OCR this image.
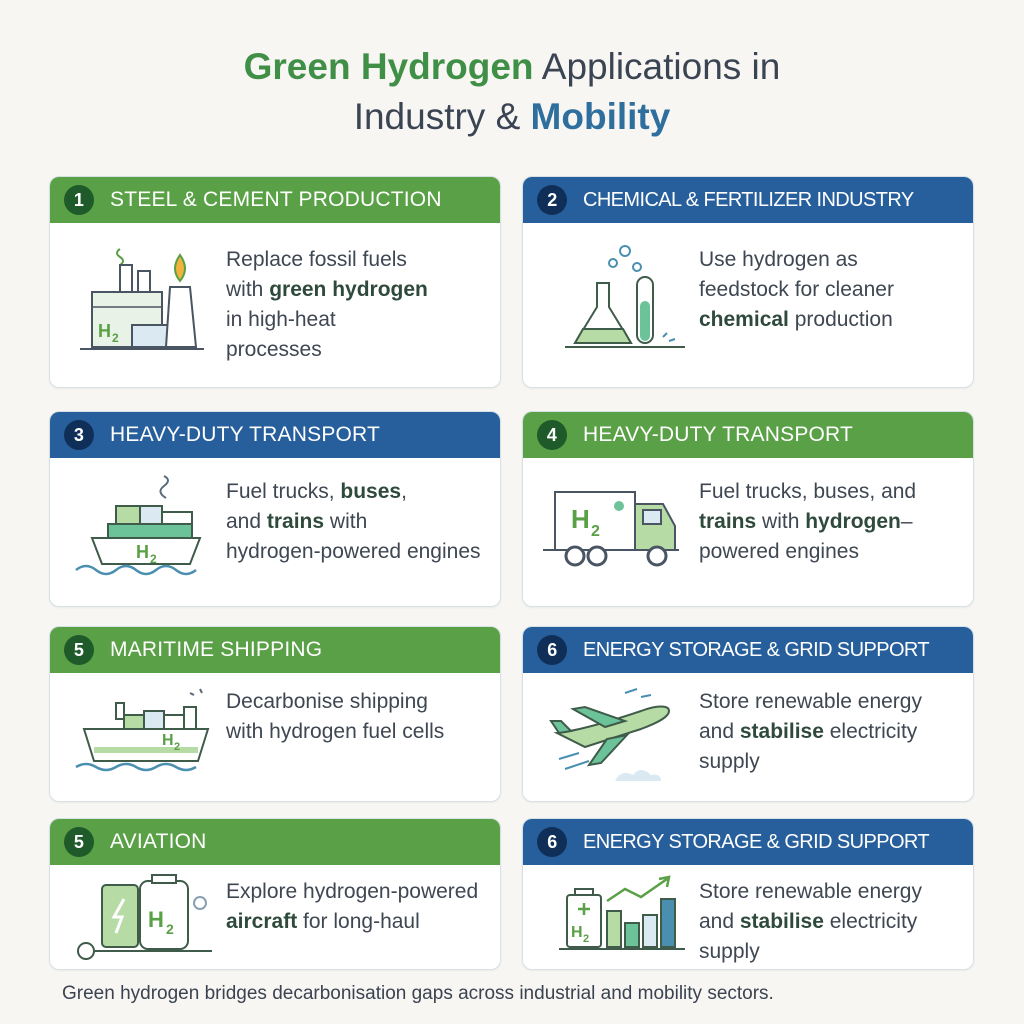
Green Hydrogen Applications in
Industry & Mobility
1	STEEL & CEMENT PRODUCTION
H 2
Replace fossil fuels
with green hydrogen
in high-heat
processes
2	CHEMICAL & FERTILIZER INDUSTRY
Use hydrogen as
feedstock for cleaner
chemical production
3	HEAVY-DUTY TRANSPORT
H 2
Fuel trucks, buses,
and trains with
hydrogen-powered engines
4	HEAVY-DUTY TRANSPORT
H 2
Fuel trucks, buses, and
trains with hydrogen–
powered engines
5	MARITIME SHIPPING
H 2
Decarbonise shipping
with hydrogen fuel cells
6	ENERGY STORAGE & GRID SUPPORT
Store renewable energy
and stabilise electricity
supply
5	AVIATION
H 2
Explore hydrogen-powered
aircraft for long-haul
6	ENERGY STORAGE & GRID SUPPORT
H 2
Store renewable energy
and stabilise electricity
supply
Green hydrogen bridges decarbonisation gaps across industrial and mobility sectors.
